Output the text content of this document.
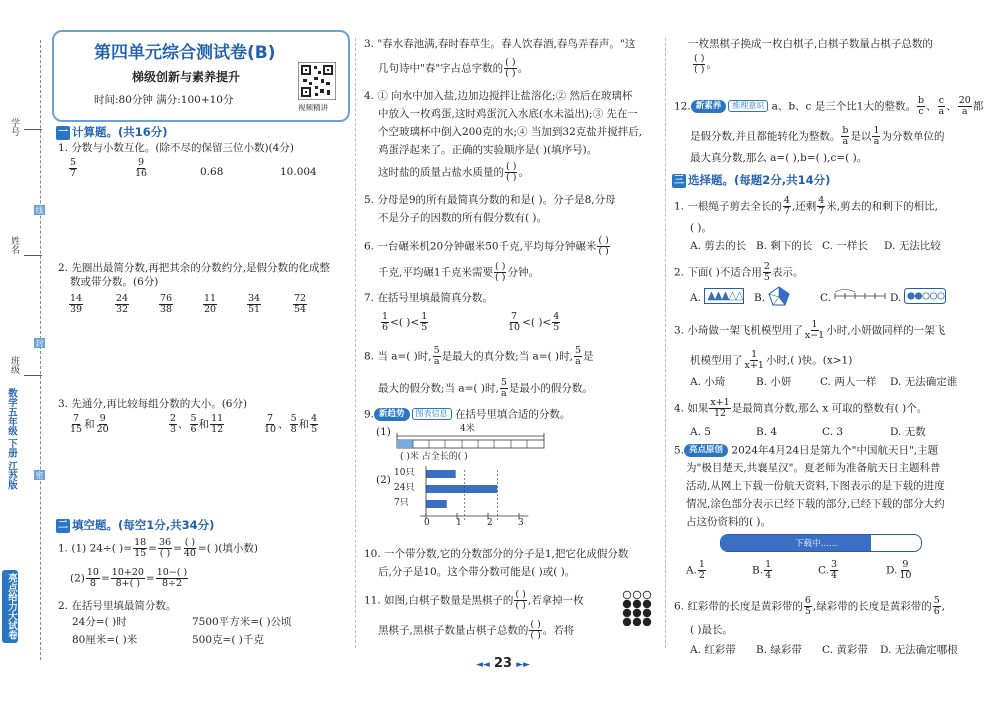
学号
姓名
班级
线
封
密
数学五年级 下册 江苏版
亮点给力大试卷
第四单元综合测试卷(B)
梯级创新与素养提升
时间:80分钟 满分:100+10分
视频精讲
一 计算题。(共16分)
1. 分数与小数互化。(除不尽的保留三位小数)(4分)
$\frac{5}{7}$	$\frac{9}{16}$	0.68	10.004
2. 先圈出最简分数,再把其余的分数约分,是假分数的化成整
数或带分数。(6分)
$\frac{14}{39}$	$\frac{24}{32}$	$\frac{76}{38}$	$\frac{11}{20}$	$\frac{34}{51}$	$\frac{72}{54}$
3. 先通分,再比较每组分数的大小。(6分)
$\frac{7}{15}$ 和 $\frac{9}{20}$	$\frac{2}{3}$ 、 $\frac{5}{6}$ 和 $\frac{11}{12}$	$\frac{7}{10}$ 、 $\frac{5}{8}$ 和 $\frac{4}{5}$
二 填空题。(每空1分,共34分)
1. (1) 24÷( )= $\frac{18}{15} = \frac{36}{( )} = \frac{( )}{40}$ =( )(填小数)
$(2) \frac{10}{8} = \frac{10+20}{8+( )} = \frac{10-( )}{8\div 2}$
2. 在括号里填最简分数。
24分=( )时	7500平方米=( )公顷
80厘米=( )米	500克=( )千克
3. "春水春池满,春时春草生。春人饮春酒,春鸟弄春声。"这
几句诗中"春"字占总字数的 $\frac{( )}{( )}$ 。
4. ① 向水中加入盐,边加边搅拌让盐溶化;② 然后在玻璃杯
中放入一枚鸡蛋,这时鸡蛋沉入水底(水未溢出);③ 先在一
个空玻璃杯中倒入200克的水;④ 当加到32克盐并搅拌后,
鸡蛋浮起来了。正确的实验顺序是( )(填序号)。
这时盐的质量占盐水质量的 $\frac{( )}{( )}$ 。
5. 分母是9的所有最简真分数的和是( )。分子是8,分母
不是分子的因数的所有假分数有( )。
6. 一台碾米机20分钟碾米50千克,平均每分钟碾米 $\frac{( )}{( )}$
千克,平均碾1千克米需要 $\frac{( )}{( )}$ 分钟。
7. 在括号里填最简真分数。
$\frac{1}{6}$ <( )< $\frac{1}{5}$	$\frac{7}{10}$ <( )< $\frac{4}{5}$
8. 当 a=( )时, $\frac{5}{a}$ 是最大的真分数;当 a=( )时, $\frac{5}{a}$ 是
最大的假分数;当 a=( )时, $\frac{5}{a}$ 是最小的假分数。
9. 新趋势 图表信息 在括号里填合适的分数。
(1)	4米
( )米 占全长的( )
(2)
10只
24只
7只
0	1	2	3
10. 一个带分数,它的分数部分的分子是1,把它化成假分数
后,分子是10。这个带分数可能是( )或( )。
11. 如图,白棋子数量是黑棋子的 $\frac{( )}{( )}$ ,若拿掉一枚
黑棋子,黑棋子数量占棋子总数的 $\frac{( )}{( )}$ 。若将
一枚黑棋子换成一枚白棋子,白棋子数量占棋子总数的
$\frac{( )}{( )}$ 。
12. 新素养 推理意识 a、b、c 是三个比1大的整数。 $\frac{b}{c}$ 、 $\frac{c}{a}$ 、 $\frac{20}{a}$ 都
是假分数,并且都能转化为整数。 $\frac{b}{a}$ 是以 $\frac{1}{a}$ 为分数单位的
最大真分数,那么 a=( ),b=( ),c=( )。
三 选择题。(每题2分,共14分)
1. 一根绳子剪去全长的 $\frac{4}{7}$ ,还剩 $\frac{4}{7}$ 米,剪去的和剩下的相比,
( )。
A. 剪去的长 B. 剩下的长 C. 一样长 D. 无法比较
2. 下面( )不适合用 $\frac{2}{5}$ 表示。
A.	B.	C.	D.
3. 小琦做一架飞机模型用了 $\frac{1}{x-1}$ 小时,小妍做同样的一架飞
机模型用了 $\frac{1}{x+1}$ 小时,( )快。(x>1)
A. 小琦	B. 小妍	C. 两人一样 D. 无法确定谁
4. 如果 $\frac{x+1}{12}$ 是最简真分数,那么 x 可取的整数有( )个。
A. 5	B. 4	C. 3	D. 无数
5. 亮点原创 2024年4月24日是第九个"中国航天日",主题
为"极目楚天,共襄星汉"。夏老师为准备航天日主题科普
活动,从网上下载一份航天资料,下图表示的是下载的进度
情况,涂色部分表示已经下载的部分,已经下载的部分大约
占这份资料的( )。
下载中……
A. $\frac{1}{2}$	B. $\frac{1}{4}$	C. $\frac{3}{4}$	D. $\frac{9}{10}$
6. 红彩带的长度是黄彩带的 $\frac{6}{5}$ ,绿彩带的长度是黄彩带的 $\frac{5}{6}$ ,
( )最长。
A. 红彩带 B. 绿彩带 C. 黄彩带 D. 无法确定哪根
◄◄ 23 ►►
